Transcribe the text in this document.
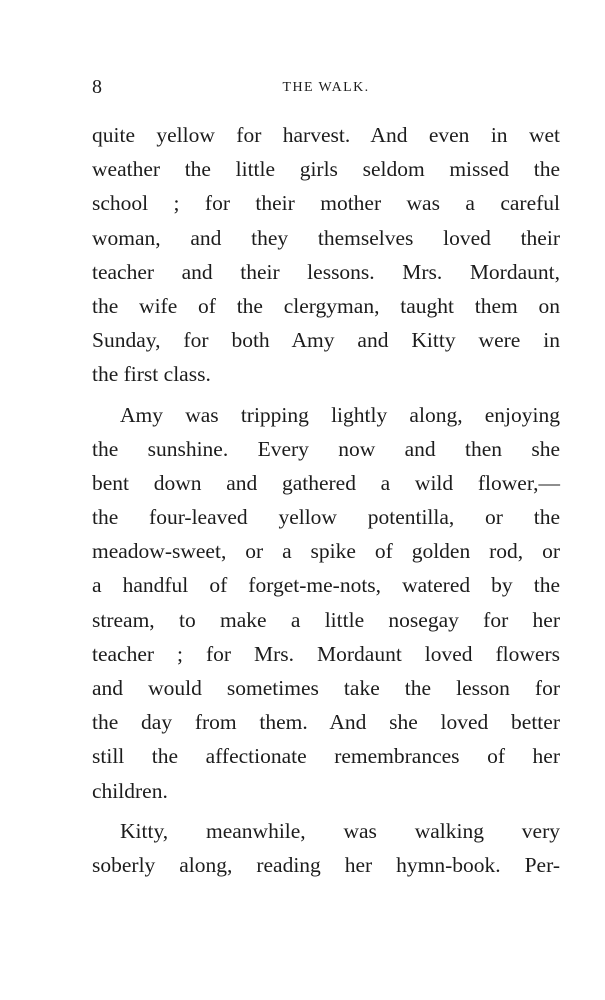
8	THE WALK.
quite yellow for harvest. And even in wet
weather the little girls seldom missed the
school ; for their mother was a careful
woman, and they themselves loved their
teacher and their lessons. Mrs. Mordaunt,
the wife of the clergyman, taught them on
Sunday, for both Amy and Kitty were in
the first class.
Amy was tripping lightly along, enjoying
the sunshine. Every now and then she
bent down and gathered a wild flower,—
the four-leaved yellow potentilla, or the
meadow-sweet, or a spike of golden rod, or
a handful of forget-me-nots, watered by the
stream, to make a little nosegay for her
teacher ; for Mrs. Mordaunt loved flowers
and would sometimes take the lesson for
the day from them. And she loved better
still the affectionate remembrances of her
children.
Kitty, meanwhile, was walking very
soberly along, reading her hymn-book. Per-
